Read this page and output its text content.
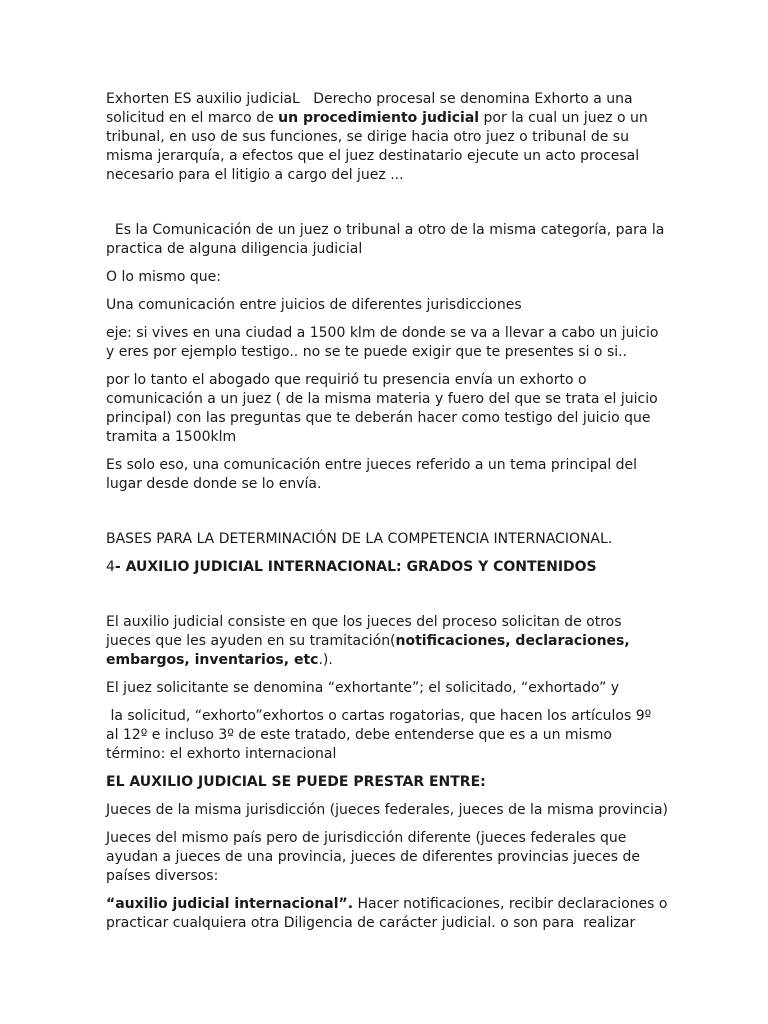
Exhorten ES auxilio judiciaL   Derecho procesal se denomina Exhorto a una solicitud en el marco de un procedimiento judicial por la cual un juez o un tribunal, en uso de sus funciones, se dirige hacia otro juez o tribunal de su misma jerarquía, a efectos que el juez destinatario ejecute un acto procesal necesario para el litigio a cargo del juez ...

Es la Comunicación de un juez o tribunal a otro de la misma categoría, para la practica de alguna diligencia judicial

O lo mismo que:

Una comunicación entre juicios de diferentes jurisdicciones

eje: si vives en una ciudad a 1500 klm de donde se va a llevar a cabo un juicio y eres por ejemplo testigo.. no se te puede exigir que te presentes si o si..

por lo tanto el abogado que requirió tu presencia envía un exhorto o comunicación a un juez ( de la misma materia y fuero del que se trata el juicio principal) con las preguntas que te deberán hacer como testigo del juicio que tramita a 1500klm

Es solo eso, una comunicación entre jueces referido a un tema principal del lugar desde donde se lo envía.

BASES PARA LA DETERMINACIÓN DE LA COMPETENCIA INTERNACIONAL.

4- AUXILIO JUDICIAL INTERNACIONAL: GRADOS Y CONTENIDOS

El auxilio judicial consiste en que los jueces del proceso solicitan de otros jueces que les ayuden en su tramitación(notificaciones, declaraciones, embargos, inventarios, etc.).

El juez solicitante se denomina “exhortante”; el solicitado, “exhortado” y

la solicitud, “exhorto”exhortos o cartas rogatorias, que hacen los artículos 9º al 12º e incluso 3º de este tratado, debe entenderse que es a un mismo término: el exhorto internacional

EL AUXILIO JUDICIAL SE PUEDE PRESTAR ENTRE:

Jueces de la misma jurisdicción (jueces federales, jueces de la misma provincia)

Jueces del mismo país pero de jurisdicción diferente (jueces federales que ayudan a jueces de una provincia, jueces de diferentes provincias jueces de países diversos:

“auxilio judicial internacional”. Hacer notificaciones, recibir declaraciones o practicar cualquiera otra Diligencia de carácter judicial. o son para  realizar
